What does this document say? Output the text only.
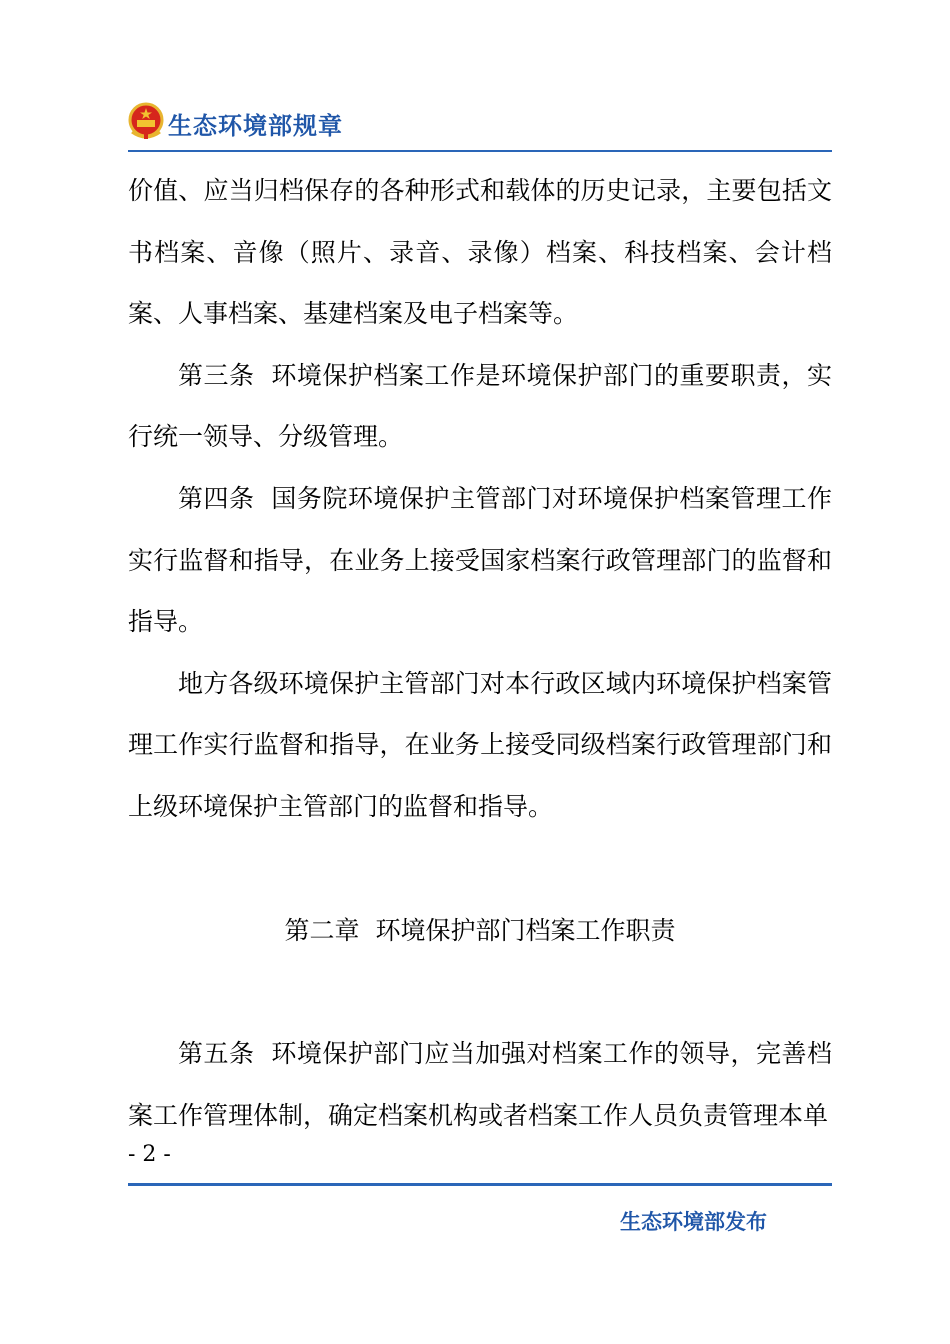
生态环境部规章

价值、应当归档保存的各种形式和载体的历史记录，主要包括文书档案、音像（照片、录音、录像）档案、科技档案、会计档案、人事档案、基建档案及电子档案等。

第三条  环境保护档案工作是环境保护部门的重要职责，实行统一领导、分级管理。

第四条  国务院环境保护主管部门对环境保护档案管理工作实行监督和指导，在业务上接受国家档案行政管理部门的监督和指导。

地方各级环境保护主管部门对本行政区域内环境保护档案管理工作实行监督和指导，在业务上接受同级档案行政管理部门和上级环境保护主管部门的监督和指导。

第二章  环境保护部门档案工作职责

第五条  环境保护部门应当加强对档案工作的领导，完善档案工作管理体制，确定档案机构或者档案工作人员负责管理本单

- 2 -
生态环境部发布
